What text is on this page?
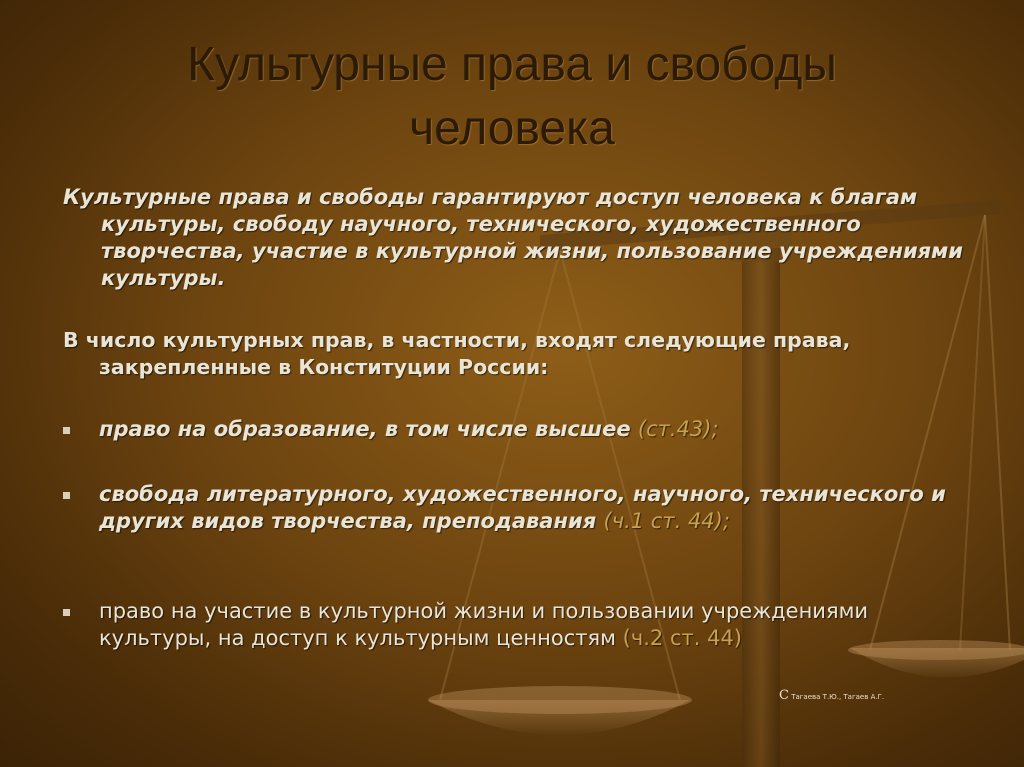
Культурные права и свободы
человека
Культурные права и свободы гарантируют доступ человека к благам культуры, свободу научного, технического, художественного творчества, участие в культурной жизни, пользование учреждениями культуры.
В число культурных прав, в частности, входят следующие права, закрепленные в Конституции России:
право на образование, в том числе высшее (ст.43);
свобода литературного, художественного, научного, технического и других видов творчества, преподавания (ч.1 ст. 44);
право на участие в культурной жизни и пользовании учреждениями культуры, на доступ к культурным ценностям (ч.2 ст. 44)
С Тагаева Т.Ю., Тагаев А.Г.
